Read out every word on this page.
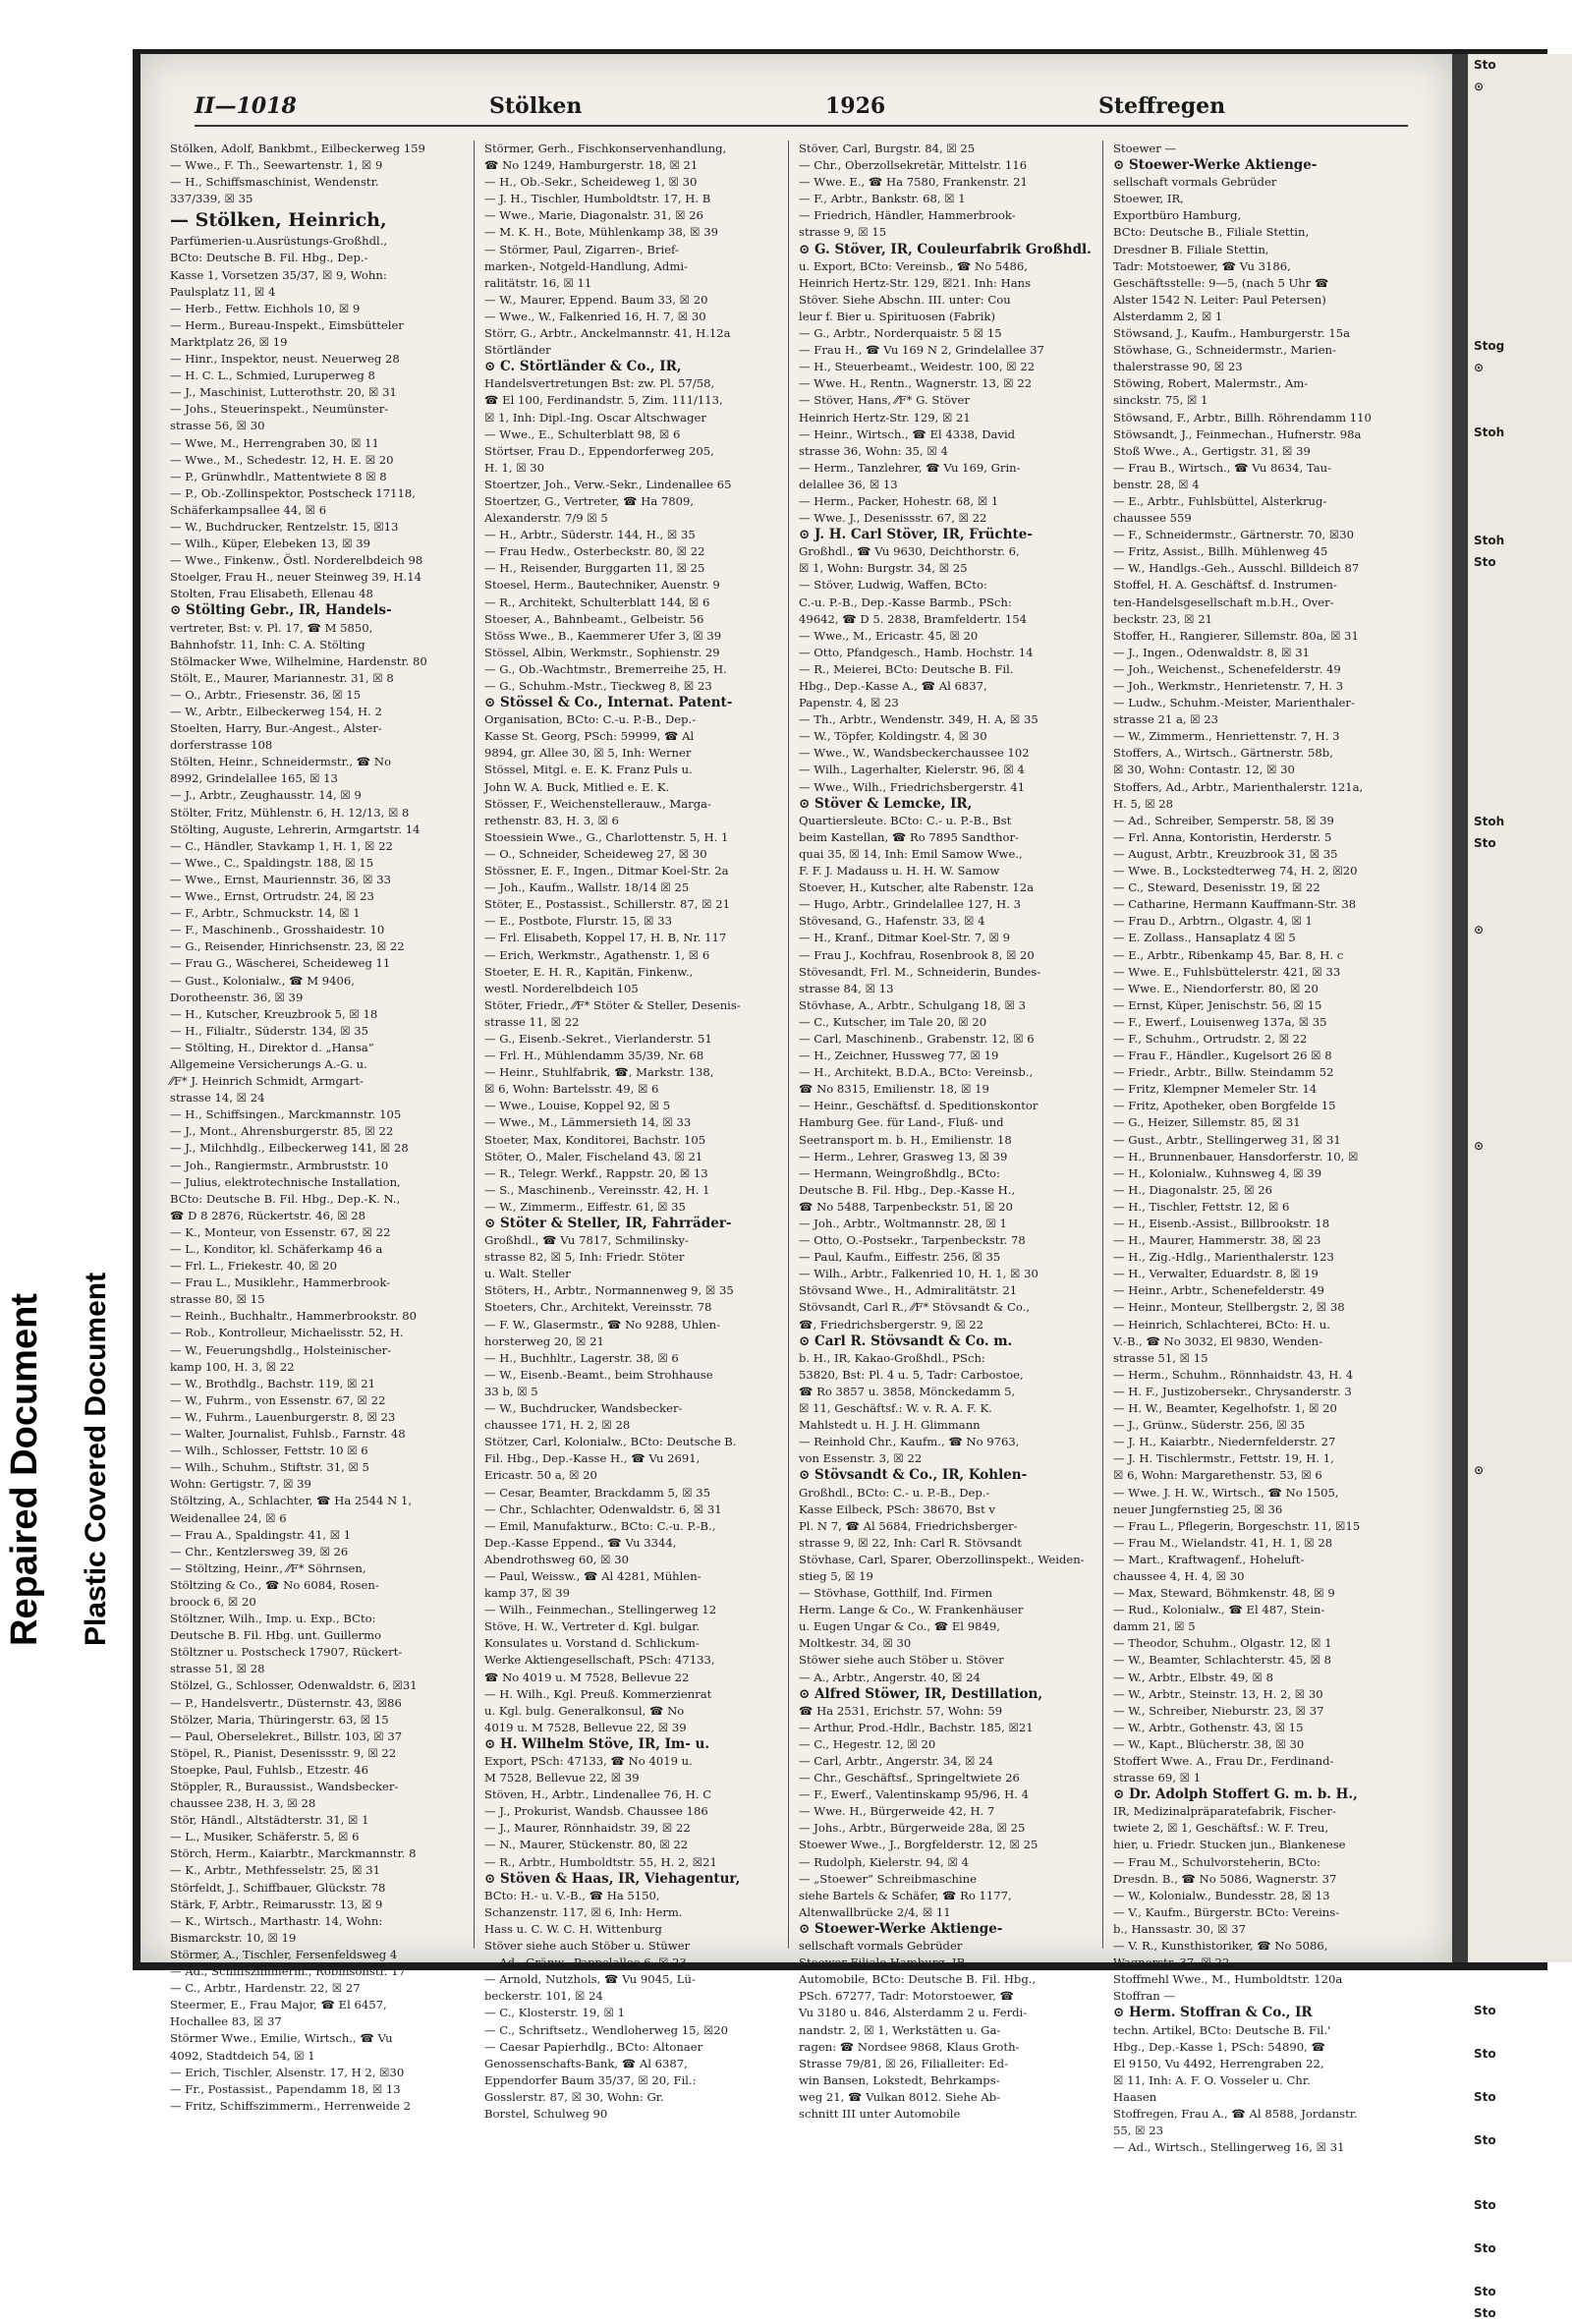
II—1018	Stölken	1926	Steffregen
Stölken, Adolf, Bankbmt., Eilbeckerweg 159
— Wwe., F. Th., Seewartenstr. 1, ☒ 9
— H., Schiffsmaschinist, Wendenstr.
337/339, ☒ 35
— Stölken, Heinrich,
Parfümerien-u.Ausrüstungs-Großhdl.,
BCto: Deutsche B. Fil. Hbg., Dep.-
Kasse 1, Vorsetzen 35/37, ☒ 9, Wohn:
Paulsplatz 11, ☒ 4
— Herb., Fettw. Eichhols 10, ☒ 9
— Herm., Bureau-Inspekt., Eimsbütteler
Marktplatz 26, ☒ 19
— Hinr., Inspektor, neust. Neuerweg 28
— H. C. L., Schmied, Luruperweg 8
— J., Maschinist, Lutterothstr. 20, ☒ 31
— Johs., Steuerinspekt., Neumünster-
strasse 56, ☒ 30
— Wwe, M., Herrengraben 30, ☒ 11
— Wwe., M., Schedestr. 12, H. E. ☒ 20
— P., Grünwhdlr., Mattentwiete 8 ☒ 8
— P., Ob.-Zollinspektor, Postscheck 17118,
Schäferkampsallee 44, ☒ 6
— W., Buchdrucker, Rentzelstr. 15, ☒13
— Wilh., Küper, Elebeken 13, ☒ 39
— Wwe., Finkenw., Östl. Norderelbdeich 98
Stoelger, Frau H., neuer Steinweg 39, H.14
Stolten, Frau Elisabeth, Ellenau 48
⊙ Stölting Gebr., IR, Handels-
vertreter, Bst: v. Pl. 17, ☎ M 5850,
Bahnhofstr. 11, Inh: C. A. Stölting
Stölmacker Wwe, Wilhelmine, Hardenstr. 80
Stölt, E., Maurer, Mariannestr. 31, ☒ 8
— O., Arbtr., Friesenstr. 36, ☒ 15
— W., Arbtr., Eilbeckerweg 154, H. 2
Stoelten, Harry, Bur.-Angest., Alster-
dorferstrasse 108
Stölten, Heinr., Schneidermstr., ☎ No
8992, Grindelallee 165, ☒ 13
— J., Arbtr., Zeughausstr. 14, ☒ 9
Stölter, Fritz, Mühlenstr. 6, H. 12/13, ☒ 8
Stölting, Auguste, Lehrerin, Armgartstr. 14
— C., Händler, Stavkamp 1, H. 1, ☒ 22
— Wwe., C., Spaldingstr. 188, ☒ 15
— Wwe., Ernst, Mauriennstr. 36, ☒ 33
— Wwe., Ernst, Ortrudstr. 24, ☒ 23
— F., Arbtr., Schmuckstr. 14, ☒ 1
— F., Maschinenb., Grosshaidestr. 10
— G., Reisender, Hinrichsenstr. 23, ☒ 22
— Frau G., Wäscherei, Scheideweg 11
— Gust., Kolonialw., ☎ M 9406,
Dorotheenstr. 36, ☒ 39
— H., Kutscher, Kreuzbrook 5, ☒ 18
— H., Filialtr., Süderstr. 134, ☒ 35
— Stölting, H., Direktor d. „Hansa“
Allgemeine Versicherungs A.-G. u.
⁄⁄F* J. Heinrich Schmidt, Armgart-
strasse 14, ☒ 24
— H., Schiffsingen., Marckmannstr. 105
— J., Mont., Ahrensburgerstr. 85, ☒ 22
— J., Milchhdlg., Eilbeckerweg 141, ☒ 28
— Joh., Rangiermstr., Armbruststr. 10
— Julius, elektrotechnische Installation,
BCto: Deutsche B. Fil. Hbg., Dep.-K. N.,
☎ D 8 2876, Rückertstr. 46, ☒ 28
— K., Monteur, von Essenstr. 67, ☒ 22
— L., Konditor, kl. Schäferkamp 46 a
— Frl. L., Friekestr. 40, ☒ 20
— Frau L., Musiklehr., Hammerbrook-
strasse 80, ☒ 15
— Reinh., Buchhaltr., Hammerbrookstr. 80
— Rob., Kontrolleur, Michaelisstr. 52, H.
— W., Feuerungshdlg., Holsteinischer-
kamp 100, H. 3, ☒ 22
— W., Brothdlg., Bachstr. 119, ☒ 21
— W., Fuhrm., von Essenstr. 67, ☒ 22
— W., Fuhrm., Lauenburgerstr. 8, ☒ 23
— Walter, Journalist, Fuhlsb., Farnstr. 48
— Wilh., Schlosser, Fettstr. 10 ☒ 6
— Wilh., Schuhm., Stiftstr. 31, ☒ 5
Wohn: Gertigstr. 7, ☒ 39
Stöltzing, A., Schlachter, ☎ Ha 2544 N 1,
Weidenallee 24, ☒ 6
— Frau A., Spaldingstr. 41, ☒ 1
— Chr., Kentzlersweg 39, ☒ 26
— Stöltzing, Heinr., ⁄⁄F* Söhrnsen,
Stöltzing & Co., ☎ No 6084, Rosen-
broock 6, ☒ 20
Stöltzner, Wilh., Imp. u. Exp., BCto:
Deutsche B. Fil. Hbg. unt. Guillermo
Stöltzner u. Postscheck 17907, Rückert-
strasse 51, ☒ 28
Stölzel, G., Schlosser, Odenwaldstr. 6, ☒31
— P., Handelsvertr., Düsternstr. 43, ☒86
Stölzer, Maria, Thüringerstr. 63, ☒ 15
— Paul, Oberselekret., Billstr. 103, ☒ 37
Stöpel, R., Pianist, Desenissstr. 9, ☒ 22
Stoepke, Paul, Fuhlsb., Etzestr. 46
Stöppler, R., Buraussist., Wandsbecker-
chaussee 238, H. 3, ☒ 28
Stör, Händl., Altstädterstr. 31, ☒ 1
— L., Musiker, Schäferstr. 5, ☒ 6
Störch, Herm., Kaiarbtr., Marckmannstr. 8
— K., Arbtr., Methfesselstr. 25, ☒ 31
Störfeldt, J., Schiffbauer, Glückstr. 78
Stärk, F, Arbtr., Reimarusstr. 13, ☒ 9
— K., Wirtsch., Marthastr. 14, Wohn:
Bismarckstr. 10, ☒ 19
Störmer, A., Tischler, Fersenfeldsweg 4
— Ad., Schiffszimmerm., Robinsonstr. 17
— C., Arbtr., Hardenstr. 22, ☒ 27
Steermer, E., Frau Major, ☎ El 6457,
Hochallee 83, ☒ 37
Störmer Wwe., Emilie, Wirtsch., ☎ Vu
4092, Stadtdeich 54, ☒ 1
— Erich, Tischler, Alsenstr. 17, H 2, ☒30
— Fr., Postassist., Papendamm 18, ☒ 13
— Fritz, Schiffszimmerm., Herrenweide 2
Störmer, Gerh., Fischkonservenhandlung,
☎ No 1249, Hamburgerstr. 18, ☒ 21
— H., Ob.-Sekr., Scheideweg 1, ☒ 30
— J. H., Tischler, Humboldtstr. 17, H. B
— Wwe., Marie, Diagonalstr. 31, ☒ 26
— M. K. H., Bote, Mühlenkamp 38, ☒ 39
— Störmer, Paul, Zigarren-, Brief-
marken-, Notgeld-Handlung, Admi-
ralitätstr. 16, ☒ 11
— W., Maurer, Eppend. Baum 33, ☒ 20
— Wwe., W., Falkenried 16, H. 7, ☒ 30
Störr, G., Arbtr., Anckelmannstr. 41, H.12a
Störtländer
⊙ C. Störtländer & Co., IR,
Handelsvertretungen Bst: zw. Pl. 57/58,
☎ El 100, Ferdinandstr. 5, Zim. 111/113,
☒ 1, Inh: Dipl.-Ing. Oscar Altschwager
— Wwe., E., Schulterblatt 98, ☒ 6
Störtser, Frau D., Eppendorferweg 205,
H. 1, ☒ 30
Stoertzer, Joh., Verw.-Sekr., Lindenallee 65
Stoertzer, G., Vertreter, ☎ Ha 7809,
Alexanderstr. 7/9 ☒ 5
— H., Arbtr., Süderstr. 144, H., ☒ 35
— Frau Hedw., Osterbeckstr. 80, ☒ 22
— H., Reisender, Burggarten 11, ☒ 25
Stoesel, Herm., Bautechniker, Auenstr. 9
— R., Architekt, Schulterblatt 144, ☒ 6
Stoeser, A., Bahnbeamt., Gelbeistr. 56
Stöss Wwe., B., Kaemmerer Ufer 3, ☒ 39
Stössel, Albin, Werkmstr., Sophienstr. 29
— G., Ob.-Wachtmstr., Bremerreihe 25, H.
— G., Schuhm.-Mstr., Tieckweg 8, ☒ 23
⊙ Stössel & Co., Internat. Patent-
Organisation, BCto: C.-u. P.-B., Dep.-
Kasse St. Georg, PSch: 59999, ☎ Al
9894, gr. Allee 30, ☒ 5, Inh: Werner
Stössel, Mitgl. e. E. K. Franz Puls u.
John W. A. Buck, Mitlied e. E. K.
Stösser, F., Weichenstellerauw., Marga-
rethenstr. 83, H. 3, ☒ 6
Stoessiein Wwe., G., Charlottenstr. 5, H. 1
— O., Schneider, Scheideweg 27, ☒ 30
Stössner, E. F., Ingen., Ditmar Koel-Str. 2a
— Joh., Kaufm., Wallstr. 18/14 ☒ 25
Stöter, E., Postassist., Schillerstr. 87, ☒ 21
— E., Postbote, Flurstr. 15, ☒ 33
— Frl. Elisabeth, Koppel 17, H. B, Nr. 117
— Erich, Werkmstr., Agathenstr. 1, ☒ 6
Stoeter, E. H. R., Kapitän, Finkenw.,
westl. Norderelbdeich 105
Stöter, Friedr., ⁄⁄F* Stöter & Steller, Desenis-
strasse 11, ☒ 22
— G., Eisenb.-Sekret., Vierlanderstr. 51
— Frl. H., Mühlendamm 35/39, Nr. 68
— Heinr., Stuhlfabrik, ☎, Markstr. 138,
☒ 6, Wohn: Bartelsstr. 49, ☒ 6
— Wwe., Louise, Koppel 92, ☒ 5
— Wwe., M., Lämmersieth 14, ☒ 33
Stoeter, Max, Konditorei, Bachstr. 105
Stöter, O., Maler, Fischeland 43, ☒ 21
— R., Telegr. Werkf., Rappstr. 20, ☒ 13
— S., Maschinenb., Vereinsstr. 42, H. 1
— W., Zimmerm., Eiffestr. 61, ☒ 35
⊙ Stöter & Steller, IR, Fahrräder-
Großhdl., ☎ Vu 7817, Schmilinsky-
strasse 82, ☒ 5, Inh: Friedr. Stöter
u. Walt. Steller
Stöters, H., Arbtr., Normannenweg 9, ☒ 35
Stoeters, Chr., Architekt, Vereinsstr. 78
— F. W., Glasermstr., ☎ No 9288, Uhlen-
horsterweg 20, ☒ 21
— H., Buchhltr., Lagerstr. 38, ☒ 6
— W., Eisenb.-Beamt., beim Strohhause
33 b, ☒ 5
— W., Buchdrucker, Wandsbecker-
chaussee 171, H. 2, ☒ 28
Stötzer, Carl, Kolonialw., BCto: Deutsche B.
Fil. Hbg., Dep.-Kasse H., ☎ Vu 2691,
Ericastr. 50 a, ☒ 20
— Cesar, Beamter, Brackdamm 5, ☒ 35
— Chr., Schlachter, Odenwaldstr. 6, ☒ 31
— Emil, Manufakturw., BCto: C.-u. P.-B.,
Dep.-Kasse Eppend., ☎ Vu 3344,
Abendrothsweg 60, ☒ 30
— Paul, Weissw., ☎ Al 4281, Mühlen-
kamp 37, ☒ 39
— Wilh., Feinmechan., Stellingerweg 12
Stöve, H. W., Vertreter d. Kgl. bulgar.
Konsulates u. Vorstand d. Schlickum-
Werke Aktiengesellschaft, PSch: 47133,
☎ No 4019 u. M 7528, Bellevue 22
— H. Wilh., Kgl. Preuß. Kommerzienrat
u. Kgl. bulg. Generalkonsul, ☎ No
4019 u. M 7528, Bellevue 22, ☒ 39
⊙ H. Wilhelm Stöve, IR, Im- u.
Export, PSch: 47133, ☎ No 4019 u.
M 7528, Bellevue 22, ☒ 39
Stöven, H., Arbtr., Lindenallee 76, H. C
— J., Prokurist, Wandsb. Chaussee 186
— J., Maurer, Rönnhaidstr. 39, ☒ 22
— N., Maurer, Stückenstr. 80, ☒ 22
— R., Arbtr., Humboldtstr. 55, H. 2, ☒21
⊙ Stöven & Haas, IR, Viehagentur,
BCto: H.- u. V.-B., ☎ Ha 5150,
Schanzenstr. 117, ☒ 6, Inh: Herm.
Hass u. C. W. C. H. Wittenburg
Stöver siehe auch Stöber u. Stüwer
— Ad., Gränw., Pappelallee 6, ☒ 23
— Arnold, Nutzhols, ☎ Vu 9045, Lü-
beckerstr. 101, ☒ 24
— C., Klosterstr. 19, ☒ 1
— C., Schriftsetz., Wendloherweg 15, ☒20
— Caesar Papierhdlg., BCto: Altonaer
Genossenschafts-Bank, ☎ Al 6387,
Eppendorfer Baum 35/37, ☒ 20, Fil.:
Gosslerstr. 87, ☒ 30, Wohn: Gr.
Borstel, Schulweg 90
Stöver, Carl, Burgstr. 84, ☒ 25
— Chr., Oberzollsekretär, Mittelstr. 116
— Wwe. E., ☎ Ha 7580, Frankenstr. 21
— F., Arbtr., Bankstr. 68, ☒ 1
— Friedrich, Händler, Hammerbrook-
strasse 9, ☒ 15
⊙ G. Stöver, IR, Couleurfabrik Großhdl.
u. Export, BCto: Vereinsb., ☎ No 5486,
Heinrich Hertz-Str. 129, ☒21. Inh: Hans
Stöver. Siehe Abschn. III. unter: Cou
leur f. Bier u. Spirituosen (Fabrik)
— G., Arbtr., Norderquaistr. 5 ☒ 15
— Frau H., ☎ Vu 169 N 2, Grindelallee 37
— H., Steuerbeamt., Weidestr. 100, ☒ 22
— Wwe. H., Rentn., Wagnerstr. 13, ☒ 22
— Stöver, Hans, ⁄⁄F* G. Stöver
Heinrich Hertz-Str. 129, ☒ 21
— Heinr., Wirtsch., ☎ El 4338, David
strasse 36, Wohn: 35, ☒ 4
— Herm., Tanzlehrer, ☎ Vu 169, Grin-
delallee 36, ☒ 13
— Herm., Packer, Hohestr. 68, ☒ 1
— Wwe. J., Desenissstr. 67, ☒ 22
⊙ J. H. Carl Stöver, IR, Früchte-
Großhdl., ☎ Vu 9630, Deichthorstr. 6,
☒ 1, Wohn: Burgstr. 34, ☒ 25
— Stöver, Ludwig, Waffen, BCto:
C.-u. P.-B., Dep.-Kasse Barmb., PSch:
49642, ☎ D 5. 2838, Bramfeldertr. 154
— Wwe., M., Ericastr. 45, ☒ 20
— Otto, Pfandgesch., Hamb. Hochstr. 14
— R., Meierei, BCto: Deutsche B. Fil.
Hbg., Dep.-Kasse A., ☎ Al 6837,
Papenstr. 4, ☒ 23
— Th., Arbtr., Wendenstr. 349, H. A, ☒ 35
— W., Töpfer, Koldingstr. 4, ☒ 30
— Wwe., W., Wandsbeckerchaussee 102
— Wilh., Lagerhalter, Kielerstr. 96, ☒ 4
— Wwe., Wilh., Friedrichsbergerstr. 41
⊙ Stöver & Lemcke, IR,
Quartiersleute. BCto: C.- u. P.-B., Bst
beim Kastellan, ☎ Ro 7895 Sandthor-
quai 35, ☒ 14, Inh: Emil Samow Wwe.,
F. F. J. Madauss u. H. H. W. Samow
Stoever, H., Kutscher, alte Rabenstr. 12a
— Hugo, Arbtr., Grindelallee 127, H. 3
Stövesand, G., Hafenstr. 33, ☒ 4
— H., Kranf., Ditmar Koel-Str. 7, ☒ 9
— Frau J., Kochfrau, Rosenbrook 8, ☒ 20
Stövesandt, Frl. M., Schneiderin, Bundes-
strasse 84, ☒ 13
Stövhase, A., Arbtr., Schulgang 18, ☒ 3
— C., Kutscher, im Tale 20, ☒ 20
— Carl, Maschinenb., Grabenstr. 12, ☒ 6
— H., Zeichner, Hussweg 77, ☒ 19
— H., Architekt, B.D.A., BCto: Vereinsb.,
☎ No 8315, Emilienstr. 18, ☒ 19
— Heinr., Geschäftsf. d. Speditionskontor
Hamburg Gee. für Land-, Fluß- und
Seetransport m. b. H., Emilienstr. 18
— Herm., Lehrer, Grasweg 13, ☒ 39
— Hermann, Weingroßhdlg., BCto:
Deutsche B. Fil. Hbg., Dep.-Kasse H.,
☎ No 5488, Tarpenbeckstr. 51, ☒ 20
— Joh., Arbtr., Woltmannstr. 28, ☒ 1
— Otto, O.-Postsekr., Tarpenbeckstr. 78
— Paul, Kaufm., Eiffestr. 256, ☒ 35
— Wilh., Arbtr., Falkenried 10, H. 1, ☒ 30
Stövsand Wwe., H., Admiralitätstr. 21
Stövsandt, Carl R., ⁄⁄F* Stövsandt & Co.,
☎, Friedrichsbergerstr. 9, ☒ 22
⊙ Carl R. Stövsandt & Co. m.
b. H., IR, Kakao-Großhdl., PSch:
53820, Bst: Pl. 4 u. 5, Tadr: Carbostoe,
☎ Ro 3857 u. 3858, Mönckedamm 5,
☒ 11, Geschäftsf.: W. v. R. A. F. K.
Mahlstedt u. H. J. H. Glimmann
— Reinhold Chr., Kaufm., ☎ No 9763,
von Essenstr. 3, ☒ 22
⊙ Stövsandt & Co., IR, Kohlen-
Großhdl., BCto: C.- u. P.-B., Dep.-
Kasse Eilbeck, PSch: 38670, Bst v
Pl. N 7, ☎ Al 5684, Friedrichsberger-
strasse 9, ☒ 22, Inh: Carl R. Stövsandt
Stövhase, Carl, Sparer, Oberzollinspekt., Weiden-
stieg 5, ☒ 19
— Stövhase, Gotthilf, Ind. Firmen
Herm. Lange & Co., W. Frankenhäuser
u. Eugen Ungar & Co., ☎ El 9849,
Moltkestr. 34, ☒ 30
Stöwer siehe auch Stöber u. Stöver
— A., Arbtr., Angerstr. 40, ☒ 24
⊙ Alfred Stöwer, IR, Destillation,
☎ Ha 2531, Erichstr. 57, Wohn: 59
— Arthur, Prod.-Hdlr., Bachstr. 185, ☒21
— C., Hegestr. 12, ☒ 20
— Carl, Arbtr., Angerstr. 34, ☒ 24
— Chr., Geschäftsf., Springeltwiete 26
— F., Ewerf., Valentinskamp 95/96, H. 4
— Wwe. H., Bürgerweide 42, H. 7
— Johs., Arbtr., Bürgerweide 28a, ☒ 25
Stoewer Wwe., J., Borgfelderstr. 12, ☒ 25
— Rudolph, Kielerstr. 94, ☒ 4
— „Stoewer“ Schreibmaschine
siehe Bartels & Schäfer, ☎ Ro 1177,
Altenwallbrücke 2/4, ☒ 11
⊙ Stoewer-Werke Aktienge-
sellschaft vormals Gebrüder
Stoewer Filiale Hamburg, IR
Automobile, BCto: Deutsche B. Fil. Hbg.,
PSch. 67277, Tadr: Motorstoewer, ☎
Vu 3180 u. 846, Alsterdamm 2 u. Ferdi-
nandstr. 2, ☒ 1, Werkstätten u. Ga-
ragen: ☎ Nordsee 9868, Klaus Groth-
Strasse 79/81, ☒ 26, Filialleiter: Ed-
win Bansen, Lokstedt, Behrkamps-
weg 21, ☎ Vulkan 8012. Siehe Ab-
schnitt III unter Automobile
Stoewer —
⊙ Stoewer-Werke Aktienge-
sellschaft vormals Gebrüder
Stoewer, IR,
Exportbüro Hamburg,
BCto: Deutsche B., Filiale Stettin,
Dresdner B. Filiale Stettin,
Tadr: Motstoewer, ☎ Vu 3186,
Geschäftsstelle: 9—5, (nach 5 Uhr ☎
Alster 1542 N. Leiter: Paul Petersen)
Alsterdamm 2, ☒ 1
Stöwsand, J., Kaufm., Hamburgerstr. 15a
Stöwhase, G., Schneidermstr., Marien-
thalerstrasse 90, ☒ 23
Stöwing, Robert, Malermstr., Am-
sinckstr. 75, ☒ 1
Stöwsand, F., Arbtr., Billh. Röhrendamm 110
Stöwsandt, J., Feinmechan., Hufnerstr. 98a
Stoß Wwe., A., Gertigstr. 31, ☒ 39
— Frau B., Wirtsch., ☎ Vu 8634, Tau-
benstr. 28, ☒ 4
— E., Arbtr., Fuhlsbüttel, Alsterkrug-
chaussee 559
— F., Schneidermstr., Gärtnerstr. 70, ☒30
— Fritz, Assist., Billh. Mühlenweg 45
— W., Handlgs.-Geh., Ausschl. Billdeich 87
Stoffel, H. A. Geschäftsf. d. Instrumen-
ten-Handelsgesellschaft m.b.H., Over-
beckstr. 23, ☒ 21
Stoffer, H., Rangierer, Sillemstr. 80a, ☒ 31
— J., Ingen., Odenwaldstr. 8, ☒ 31
— Joh., Weichenst., Schenefelderstr. 49
— Joh., Werkmstr., Henrietenstr. 7, H. 3
— Ludw., Schuhm.-Meister, Marienthaler-
strasse 21 a, ☒ 23
— W., Zimmerm., Henriettenstr. 7, H. 3
Stoffers, A., Wirtsch., Gärtnerstr. 58b,
☒ 30, Wohn: Contastr. 12, ☒ 30
Stoffers, Ad., Arbtr., Marienthalerstr. 121a,
H. 5, ☒ 28
— Ad., Schreiber, Semperstr. 58, ☒ 39
— Frl. Anna, Kontoristin, Herderstr. 5
— August, Arbtr., Kreuzbrook 31, ☒ 35
— Wwe. B., Lockstedterweg 74, H. 2, ☒20
— C., Steward, Desenisstr. 19, ☒ 22
— Catharine, Hermann Kauffmann-Str. 38
— Frau D., Arbtrn., Olgastr. 4, ☒ 1
— E. Zollass., Hansaplatz 4 ☒ 5
— E., Arbtr., Ribenkamp 45, Bar. 8, H. c
— Wwe. E., Fuhlsbüttelerstr. 421, ☒ 33
— Wwe. E., Niendorferstr. 80, ☒ 20
— Ernst, Küper, Jenischstr. 56, ☒ 15
— F., Ewerf., Louisenweg 137a, ☒ 35
— F., Schuhm., Ortrudstr. 2, ☒ 22
— Frau F., Händler., Kugelsort 26 ☒ 8
— Friedr., Arbtr., Billw. Steindamm 52
— Fritz, Klempner Memeler Str. 14
— Fritz, Apotheker, oben Borgfelde 15
— G., Heizer, Sillemstr. 85, ☒ 31
— Gust., Arbtr., Stellingerweg 31, ☒ 31
— H., Brunnenbauer, Hansdorferstr. 10, ☒
— H., Kolonialw., Kuhnsweg 4, ☒ 39
— H., Diagonalstr. 25, ☒ 26
— H., Tischler, Fettstr. 12, ☒ 6
— H., Eisenb.-Assist., Billbrookstr. 18
— H., Maurer, Hammerstr. 38, ☒ 23
— H., Zig.-Hdlg., Marienthalerstr. 123
— H., Verwalter, Eduardstr. 8, ☒ 19
— Heinr., Arbtr., Schenefelderstr. 49
— Heinr., Monteur, Stellbergstr. 2, ☒ 38
— Heinrich, Schlachterei, BCto: H. u.
V.-B., ☎ No 3032, El 9830, Wenden-
strasse 51, ☒ 15
— Herm., Schuhm., Rönnhaidstr. 43, H. 4
— H. F., Justizobersekr., Chrysanderstr. 3
— H. W., Beamter, Kegelhofstr. 1, ☒ 20
— J., Grünw., Süderstr. 256, ☒ 35
— J. H., Kaiarbtr., Niedernfelderstr. 27
— J. H. Tischlermstr., Fettstr. 19, H. 1,
☒ 6, Wohn: Margarethenstr. 53, ☒ 6
— Wwe. J. H. W., Wirtsch., ☎ No 1505,
neuer Jungfernstieg 25, ☒ 36
— Frau L., Pflegerin, Borgeschstr. 11, ☒15
— Frau M., Wielandstr. 41, H. 1, ☒ 28
— Mart., Kraftwagenf., Hoheluft-
chaussee 4, H. 4, ☒ 30
— Max, Steward, Böhmkenstr. 48, ☒ 9
— Rud., Kolonialw., ☎ El 487, Stein-
damm 21, ☒ 5
— Theodor, Schuhm., Olgastr. 12, ☒ 1
— W., Beamter, Schlachterstr. 45, ☒ 8
— W., Arbtr., Elbstr. 49, ☒ 8
— W., Arbtr., Steinstr. 13, H. 2, ☒ 30
— W., Schreiber, Nieburstr. 23, ☒ 37
— W., Arbtr., Gothenstr. 43, ☒ 15
— W., Kapt., Blücherstr. 38, ☒ 30
Stoffert Wwe. A., Frau Dr., Ferdinand-
strasse 69, ☒ 1
⊙ Dr. Adolph Stoffert G. m. b. H.,
IR, Medizinalpräparatefabrik, Fischer-
twiete 2, ☒ 1, Geschäftsf.: W. F. Treu,
hier, u. Friedr. Stucken jun., Blankenese
— Frau M., Schulvorsteherin, BCto:
Dresdn. B., ☎ No 5086, Wagnerstr. 37
— W., Kolonialw., Bundesstr. 28, ☒ 13
— V., Kaufm., Bürgerstr. BCto: Vereins-
b., Hanssastr. 30, ☒ 37
— V. R., Kunsthistoriker, ☎ No 5086,
Wagnerstr. 37, ☒ 22
Stoffmehl Wwe., M., Humboldtstr. 120a
Stoffran —
⊙ Herm. Stoffran & Co., IR
techn. Artikel, BCto: Deutsche B. Fil.'
Hbg., Dep.-Kasse 1, PSch: 54890, ☎
El 9150, Vu 4492, Herrengraben 22,
☒ 11, Inh: A. F. O. Vosseler u. Chr.
Haasen
Stoffregen, Frau A., ☎ Al 8588, Jordanstr.
55, ☒ 23
— Ad., Wirtsch., Stellingerweg 16, ☒ 31
Sto
⊙
Stog
⊙
Stoh
Stoh
Sto
Stoh
Sto
⊙
⊙
⊙
Sto
Sto
Sto
Sto
Sto
Sto
Sto
Sto
Repaired Document Plastic Covered Document
